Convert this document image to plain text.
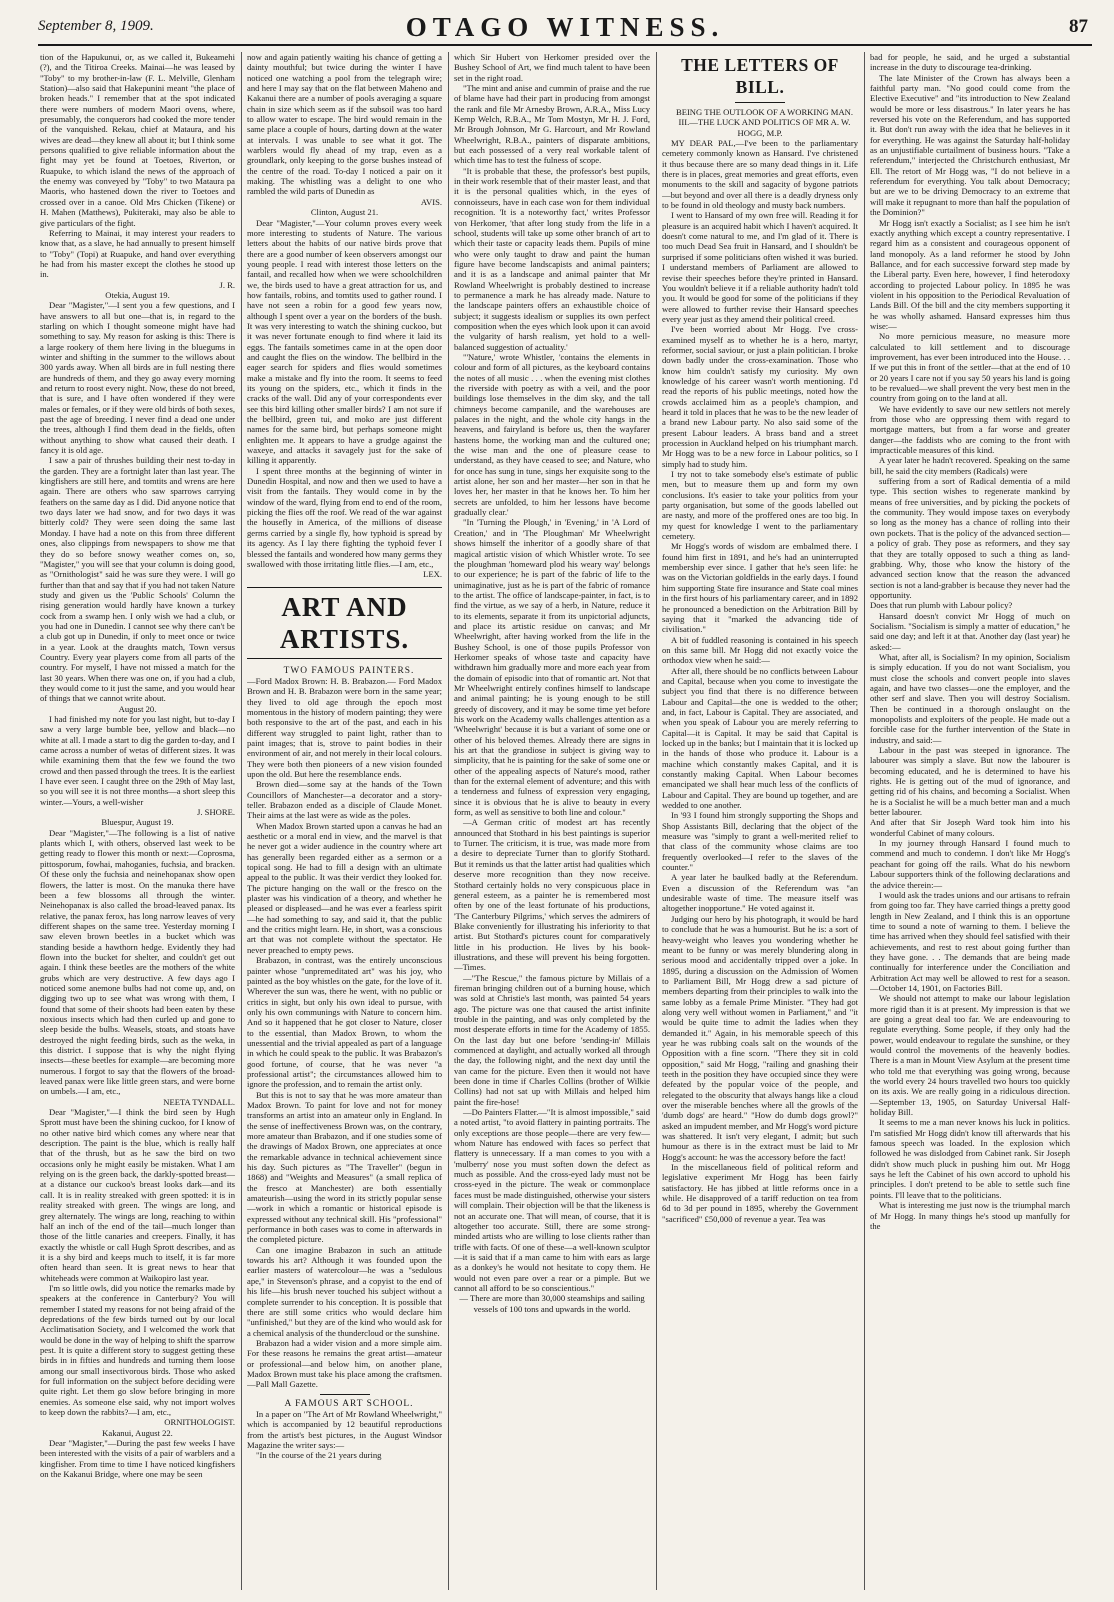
September 8, 1909.	OTAGO WITNESS.	87

tion of the Hapukunui, or, as we called it, Bukeamehi (?), and the Titiroa Creeks. Mainai—he was leased by "Toby" to my brother-in-law (F. L. Melville, Glenham Station)—also said that Hakepunini meant "the place of broken heads." I remember that at the spot indicated there were numbers of modern Maori ovens, where, presumably, the conquerors had cooked the more tender of the vanquished. Rekau, chief at Mataura, and his wives are dead—they knew all about it; but I think some persons qualified to give reliable information about the fight may yet be found at Toetoes, Riverton, or Ruapuke, to which island the news of the approach of the enemy was conveyed by "Toby" to two Mataura pa Maoris, who hastened down the river to Toetoes and crossed over in a canoe. Old Mrs Chicken (Tikene) or H. Mahen (Matthews), Pukiteraki, may also be able to give particulars of the fight.

Referring to Mainai, it may interest your readers to know that, as a slave, he had annually to present himself to "Toby" (Topi) at Ruapuke, and hand over everything he had from his master except the clothes he stood up in.

J. R.

Otekia, August 19.

Dear "Magister,"—I sent you a few questions, and I have answers to all but one—that is, in regard to the starling on which I thought someone might have had something to say. My reason for asking is this: There is a large rookery of them here living in the bluegums in winter and shifting in the summer to the willows about 300 yards away. When all birds are in full nesting there are hundreds of them, and they go away every morning and return to roost every night. Now, these do not breed, that is sure, and I have often wondered if they were males or females, or if they were old birds of both sexes, past the age of breeding. I never find a dead one under the trees, although I find them dead in the fields, often without anything to show what caused their death. I fancy it is old age.

I saw a pair of thrushes building their nest to-day in the garden. They are a fortnight later than last year. The kingfishers are still here, and tomtits and wrens are here again. There are others who saw sparrows carrying feathers on the same day as I did. Did anyone notice that two days later we had snow, and for two days it was bitterly cold? They were seen doing the same last Monday. I have had a note on this from three different ones, also clippings from newspapers to show me that they do so before snowy weather comes on, so, "Magister," you will see that your column is doing good, as "Ornithologist" said he was sure they were. I will go further than that and say that if you had not taken Nature study and given us the 'Public Schools' Column the rising generation would hardly have known a turkey cock from a swamp hen. I only wish we had a club, or you had one in Dunedin. I cannot see why there can't be a club got up in Dunedin, if only to meet once or twice in a year. Look at the draughts match, Town versus Country. Every year players come from all parts of the country. For myself, I have not missed a match for the last 30 years. When there was one on, if you had a club, they would come to it just the same, and you would hear of things that we cannot write about.

August 20.

I had finished my note for you last night, but to-day I saw a very large bumble bee, yellow and black—no white at all. I made a start to dig the garden to-day, and I came across a number of wetas of different sizes. It was while examining them that the few we found the two crowd and then passed through the trees. It is the earliest I have ever seen. I caught three on the 29th of May last, so you will see it is not three months—a short sleep this winter.—Yours, a well-wisher

J. SHORE.

Bluespur, August 19.

Dear "Magister,"—The following is a list of native plants which I, with others, observed last week to be getting ready to flower this month or next:—Coprosma, pittosporum, fowhai, mahoganies, fuchsia, and bracken. Of these only the fuchsia and neinehopanax show open flowers, the latter is most. On the manuka there have been a few blossoms all through the winter. Neinehopanax is also called the broad-leaved panax. Its relative, the panax ferox, has long narrow leaves of very different shapes on the same tree. Yesterday morning I saw eleven brown beetles in a bucket which was standing beside a hawthorn hedge. Evidently they had flown into the bucket for shelter, and couldn't get out again. I think these beetles are the mothers of the white grubs which are very destructive. A few days ago I noticed some anemone bulbs had not come up, and, on digging two up to see what was wrong with them, I found that some of their shoots had been eaten by these noxious insects which had then curled up and gone to sleep beside the bulbs. Weasels, stoats, and stoats have destroyed the night feeding birds, such as the weka, in this district. I suppose that is why the night flying insects—these beetles for example—are becoming more numerous. I forgot to say that the flowers of the broad-leaved panax were like little green stars, and were borne on umbels.—I am, etc.,

NEETA TYNDALL.

Dear "Magister,"—I think the bird seen by Hugh Sprott must have been the shining cuckoo, for I know of no other native bird which comes any where near that description. The paint is the blue, which is really half that of the thrush, but as he saw the bird on two occasions only he might easily be mistaken. What I am relying on is the green back, the darkly-spotted breast—at a distance our cuckoo's breast looks dark—and its call. It is in reality streaked with green spotted: it is in reality streaked with green. The wings are long, and grey alternately. The wings are long, reaching to within half an inch of the end of the tail—much longer than those of the little canaries and creepers. Finally, it has exactly the whistle or call Hugh Sprott describes, and as it is a shy bird and keeps much to itself, it is far more often heard than seen. It is great news to hear that whiteheads were common at Waikopiro last year.

I'm so little owls, did you notice the remarks made by speakers at the conference in Canterbury? You will remember I stated my reasons for not being afraid of the depredations of the few birds turned out by our local Acclimatisation Society, and I welcomed the work that would be done in the way of helping to shift the sparrow pest. It is quite a different story to suggest getting these birds in in fifties and hundreds and turning them loose among our small insectivorous birds. Those who asked for full information on the subject before deciding were quite right. Let them go slow before bringing in more enemies. As someone else said, why not import wolves to keep down the rabbits?—I am, etc.,

ORNITHOLOGIST.

Kakanui, August 22.

Dear "Magister,"—During the past few weeks I have been interested with the visits of a pair of warblers and a kingfisher. From time to time I have noticed kingfishers on the Kakanui Bridge, where one may be seen

now and again patiently waiting his chance of getting a dainty mouthful; but twice during the winter I have noticed one watching a pool from the telegraph wire; and here I may say that on the flat between Maheno and Kakanui there are a number of pools averaging a square chain in size which seem as if the subsoil was too hard to allow water to escape. The bird would remain in the same place a couple of hours, darting down at the water at intervals. I was unable to see what it got. The warblers would fly ahead of my trap, even as a groundlark, only keeping to the gorse bushes instead of the centre of the road. To-day I noticed a pair on it making. The whistling was a delight to one who rambled the wild parts of Dunedin as

AVIS.

Clinton, August 21.

Dear "Magister,"—Your column proves every week more interesting to students of Nature. The various letters about the habits of our native birds prove that there are a good number of keen observers amongst our young people. I read with interest those letters on the fantail, and recalled how when we were schoolchildren we, the birds used to have a great attraction for us, and how fantails, robins, and tomtits used to gather round. I have not seen a robin for a good few years now, although I spent over a year on the borders of the bush. It was very interesting to watch the shining cuckoo, but it was never fortunate enough to find where it laid its eggs. The fantails sometimes came in at the open door and caught the flies on the window. The bellbird in the eager search for spiders and flies would sometimes make a mistake and fly into the room. It seems to feed its young on the spiders, etc., which it finds in the cracks of the wall. Did any of your correspondents ever see this bird killing other smaller birds? I am not sure if the bellbird, green tui, and moko are just different names for the same bird, but perhaps someone might enlighten me. It appears to have a grudge against the waxeye, and attacks it savagely just for the sake of killing it apparently.

I spent three months at the beginning of winter in Dunedin Hospital, and now and then we used to have a visit from the fantails. They would come in by the window of the ward, flying from end to end of the room, picking the flies off the roof. We read of the war against the housefly in America, of the millions of disease germs carried by a single fly, how typhoid is spread by its agency. As I lay there fighting the typhoid fever I blessed the fantails and wondered how many germs they swallowed with those irritating little flies.—I am, etc.,

LEX.

ART AND ARTISTS.

TWO FAMOUS PAINTERS.

—Ford Madox Brown: H. B. Brabazon.— Ford Madox Brown and H. B. Brabazon were born in the same year; they lived to old age through the epoch most momentous in the history of modern painting; they were both responsive to the art of the past, and each in his different way struggled to paint light, rather than to paint images; that is, strove to paint bodies in their environment of air, and not merely in their local colours. They were both then pioneers of a new vision founded upon the old. But here the resemblance ends.

Brown died—some say at the hands of the Town Councillors of Manchester—a decorator and a story-teller. Brabazon ended as a disciple of Claude Monet. Their aims at the last were as wide as the poles.

When Madox Brown started upon a canvas he had an aesthetic or a moral end in view, and the marvel is that he never got a wider audience in the country where art has generally been regarded either as a sermon or a topical song. He had to fill a design with an ultimate appeal to the public. It was their verdict they looked for. The picture hanging on the wall or the fresco on the plaster was his vindication of a theory, and whether he pleased or displeased—and he was ever a fearless spirit—he had something to say, and said it, that the public and the critics might learn. He, in short, was a conscious art that was not complete without the spectator. He never preached to empty pews.

Brabazon, in contrast, was the entirely unconscious painter whose "unpremeditated art" was his joy, who painted as the boy whistles on the gate, for the love of it. Wherever the sun was, there he went, with no public or critics in sight, but only his own ideal to pursue, with only his own communings with Nature to concern him. And so it happened that he got closer to Nature, closer to the essential, than Madox Brown, to whom the unessential and the trivial appealed as part of a language in which he could speak to the public. It was Brabazon's good fortune, of course, that he was never "a professional artist"; the circumstances allowed him to ignore the profession, and to remain the artist only.

But this is not to say that he was more amateur than Madox Brown. To paint for love and not for money transforms an artist into an amateur only in England. In the sense of ineffectiveness Brown was, on the contrary, more amateur than Brabazon, and if one studies some of the drawings of Madox Brown, one appreciates at once the remarkable advance in technical achievement since his day. Such pictures as "The Traveller" (begun in 1868) and "Weights and Measures" (a small replica of the fresco at Manchester) are both essentially amateurish—using the word in its strictly popular sense—work in which a romantic or historical episode is expressed without any technical skill. His "professional" performance in both cases was to come in afterwards in the completed picture.

Can one imagine Brabazon in such an attitude towards his art? Although it was founded upon the earlier masters of watercolour—he was a "sedulous ape," in Stevenson's phrase, and a copyist to the end of his life—his brush never touched his subject without a complete surrender to his conception. It is possible that there are still some critics who would declare him "unfinished," but they are of the kind who would ask for a chemical analysis of the thundercloud or the sunshine.

Brabazon had a wider vision and a more simple aim. For these reasons he remains the great artist—amateur or professional—and below him, on another plane, Madox Brown must take his place among the craftsmen.—Pall Mall Gazette.

A FAMOUS ART SCHOOL.

In a paper on "The Art of Mr Rowland Wheelwright," which is accompanied by 12 beautiful reproductions from the artist's best pictures, in the August Windsor Magazine the writer says:—

"In the course of the 21 years during

which Sir Hubert von Herkomer presided over the Bushey School of Art, we find much talent to have been set in the right road.

"The mint and anise and cummin of praise and the rue of blame have had their part in producing from amongst the rank and file Mr Arnesby Brown, A.R.A., Miss Lucy Kemp Welch, R.B.A., Mr Tom Mostyn, Mr H. J. Ford, Mr Brough Johnson, Mr G. Harcourt, and Mr Rowland Wheelwright, R.B.A., painters of disparate ambitions, but each possessed of a very real workable talent of which time has to test the fulness of scope.

"It is probable that these, the professor's best pupils, in their work resemble that of their master least, and that it is the personal qualities which, in the eyes of connoisseurs, have in each case won for them individual recognition. 'It is a noteworthy fact,' writes Professor von Herkomer, 'that after long study from the life in a school, students will take up some other branch of art to which their taste or capacity leads them. Pupils of mine who were only taught to draw and paint the human figure have become landscapists and animal painters; and it is as a landscape and animal painter that Mr Rowland Wheelwright is probably destined to increase to permanence a mark he has already made. Nature to the landscape painters offers an exhaustible choice of subject; it suggests idealism or supplies its own perfect composition when the eyes which look upon it can avoid the vulgarity of harsh realism, yet hold to a well-balanced suggestion of actuality.'

"'Nature,' wrote Whistler, 'contains the elements in colour and form of all pictures, as the keyboard contains the notes of all music . . . when the evening mist clothes the riverside with poetry as with a veil, and the poor buildings lose themselves in the dim sky, and the tall chimneys become campanile, and the warehouses are palaces in the night, and the whole city hangs in the heavens, and fairyland is before us, then the wayfarer hastens home, the working man and the cultured one; the wise man and the one of pleasure cease to understand, as they have ceased to see; and Nature, who for once has sung in tune, sings her exquisite song to the artist alone, her son and her master—her son in that he loves her, her master in that he knows her. To him her secrets are unfolded, to him her lessons have become gradually clear.'

"In 'Turning the Plough,' in 'Evening,' in 'A Lord of Creation,' and in 'The Ploughman' Mr Wheelwright shows himself the inheritor of a goodly share of that magical artistic vision of which Whistler wrote. To see the ploughman 'homeward plod his weary way' belongs to our experience; he is part of the fabric of life to the unimaginative, just as he is part of the fabric of romance to the artist. The office of landscape-painter, in fact, is to find the virtue, as we say of a herb, in Nature, reduce it to its elements, separate it from its unpictorial adjuncts, and place its artistic residue on canvas; and Mr Wheelwright, after having worked from the life in the Bushey School, is one of those pupils Professor von Herkomer speaks of whose taste and capacity have withdrawn him gradually more and more each year from the domain of episodic into that of romantic art. Not that Mr Wheelwright entirely confines himself to landscape and animal painting; he is young enough to be still greedy of discovery, and it may be some time yet before his work on the Academy walls challenges attention as a 'Wheelwright' because it is but a variant of some one or other of his beloved themes. Already there are signs in his art that the grandiose in subject is giving way to simplicity, that he is painting for the sake of some one or other of the appealing aspects of Nature's mood, rather than for the external element of adventure; and this with a tenderness and fulness of expression very engaging, since it is obvious that he is alive to beauty in every form, as well as sensitive to both line and colour."

—A German critic of modest art has recently announced that Stothard in his best paintings is superior to Turner. The criticism, it is true, was made more from a desire to depreciate Turner than to glorify Stothard. But it reminds us that the latter artist had qualities which deserve more recognition than they now receive. Stothard certainly holds no very conspicuous place in general esteem, as a painter he is remembered most often by one of the least fortunate of his productions, 'The Canterbury Pilgrims,' which serves the admirers of Blake conveniently for illustrating his inferiority to that artist. But Stothard's pictures count for comparatively little in his production. He lives by his book-illustrations, and these will prevent his being forgotten.—Times.

—"The Rescue," the famous picture by Millais of a fireman bringing children out of a burning house, which was sold at Christie's last month, was painted 54 years ago. The picture was one that caused the artist infinite trouble in the painting, and was only completed by the most desperate efforts in time for the Academy of 1855. On the last day but one before 'sending-in' Millais commenced at daylight, and actually worked all through the day, the following night, and the next day until the van came for the picture. Even then it would not have been done in time if Charles Collins (brother of Wilkie Collins) had not sat up with Millais and helped him paint the fire-hose!

—Do Painters Flatter.—"It is almost impossible," said a noted artist, "to avoid flattery in painting portraits. The only exceptions are those people—there are very few—whom Nature has endowed with faces so perfect that flattery is unnecessary. If a man comes to you with a 'mulberry' nose you must soften down the defect as much as possible. And the cross-eyed lady must not be cross-eyed in the picture. The weak or commonplace faces must be made distinguished, otherwise your sisters will complain. Their objection will be that the likeness is not an accurate one. That will mean, of course, that it is altogether too accurate. Still, there are some strong-minded artists who are willing to lose clients rather than trifle with facts. Of one of these—a well-known sculptor—it is said that if a man came to him with ears as large as a donkey's he would not hesitate to copy them. He would not even pare over a rear or a pimple. But we cannot all afford to be so conscientious."

— There are more than 30,000 steamships and sailing vessels of 100 tons and upwards in the world.

THE LETTERS OF BILL.

BEING THE OUTLOOK OF A WORKING MAN.

III.—THE LUCK AND POLITICS OF MR A. W. HOGG, M.P.

MY DEAR PAL,—I've been to the parliamentary cemetery commonly known as Hansard. I've christened it thus because there are so many dead things in it. Life there is in places, great memories and great efforts, even monuments to the skill and sagacity of bygone patriots—but beyond and over all there is a deadly dryness only to be found in old theology and musty back numbers.

I went to Hansard of my own free will. Reading it for pleasure is an acquired habit which I haven't acquired. It doesn't come natural to me, and I'm glad of it. There is too much Dead Sea fruit in Hansard, and I shouldn't be surprised if some politicians often wished it was buried. I understand members of Parliament are allowed to revise their speeches before they're printed in Hansard. You wouldn't believe it if a reliable authority hadn't told you. It would be good for some of the politicians if they were allowed to further revise their Hansard speeches every year just as they amend their political creed.

I've been worried about Mr Hogg. I've cross-examined myself as to whether he is a hero, martyr, reformer, social saviour, or just a plain politician. I broke down badly under the cross-examination. Those who know him couldn't satisfy my curiosity. My own knowledge of his career wasn't worth mentioning. I'd read the reports of his public meetings, noted how the crowds acclaimed him as a people's champion, and heard it told in places that he was to be the new leader of a brand new Labour party. No also said some of the present Labour leaders. A brass band and a street procession in Auckland helped on his triumphant march. Mr Hogg was to be a new force in Labour politics, so I simply had to study him.

I try not to take somebody else's estimate of public men, but to measure them up and form my own conclusions. It's easier to take your politics from your party organisation, but some of the goods labelled out are nasty, and more of the proffered ones are too big. In my quest for knowledge I went to the parliamentary cemetery.

Mr Hogg's words of wisdom are embalmed there. I found him first in 1891, and he's had an uninterrupted membership ever since. I gather that he's seen life: he was on the Victorian goldfields in the early days. I found him supporting State fire insurance and State coal mines in the first hours of his parliamentary career, and in 1892 he pronounced a benediction on the Arbitration Bill by saying that it "marked the advancing tide of civilisation."

A bit of fuddled reasoning is contained in his speech on this same bill. Mr Hogg did not exactly voice the orthodox view when he said:—

After all, there should be no conflicts between Labour and Capital, because when you come to investigate the subject you find that there is no difference between Labour and Capital—the one is wedded to the other; and, in fact, Labour is Capital. They are associated, and when you speak of Labour you are merely referring to Capital—it is Capital. It may be said that Capital is locked up in the banks; but I maintain that it is locked up in the hands of those who produce it. Labour is a machine which constantly makes Capital, and it is constantly making Capital. When Labour becomes emancipated we shall hear much less of the conflicts of Labour and Capital. They are bound up together, and are wedded to one another.

In '93 I found him strongly supporting the Shops and Shop Assistants Bill, declaring that the object of the measure was "simply to grant a well-merited relief to that class of the community whose claims are too frequently overlooked—I refer to the slaves of the counter."

A year later he baulked badly at the Referendum. Even a discussion of the Referendum was "an undesirable waste of time. The measure itself was altogether inopportune." He voted against it.

Judging our hero by his photograph, it would be hard to conclude that he was a humourist. But he is: a sort of heavy-weight who leaves you wondering whether he meant to be funny or was merely blundering along in serious mood and accidentally tripped over a joke. In 1895, during a discussion on the Admission of Women to Parliament Bill, Mr Hogg drew a sad picture of members departing from their principles to walk into the same lobby as a female Prime Minister. "They had got along very well without women in Parliament," and "it would be quite time to admit the ladies when they demanded it." Again, in his memorable speech of this year he was rubbing coals salt on the wounds of the Opposition with a fine scorn. "There they sit in cold opposition," said Mr Hogg, "railing and gnashing their teeth in the position they have occupied since they were defeated by the popular voice of the people, and relegated to the obscurity that always hangs like a cloud over the miserable benches where all the growls of the 'dumb dogs' are heard." "How do dumb dogs growl?" asked an impudent member, and Mr Hogg's word picture was shattered. It isn't very elegant, I admit; but such humour as there is in the extract must be laid to Mr Hogg's account: he was the accessory before the fact!

In the miscellaneous field of political reform and legislative experiment Mr Hogg has been fairly satisfactory. He has jibbed at little reforms once in a while. He disapproved of a tariff reduction on tea from 6d to 3d per pound in 1895, whereby the Government "sacrificed" £50,000 of revenue a year. Tea was

bad for people, he said, and he urged a substantial increase in the duty to discourage tea-drinking.

The late Minister of the Crown has always been a faithful party man. "No good could come from the Elective Executive" and "its introduction to New Zealand would be more or less disastrous." In later years he has reversed his vote on the Referendum, and has supported it. But don't run away with the idea that he believes in it for everything. He was against the Saturday half-holiday as an unjustifiable curtailment of business hours. "Take a referendum," interjected the Christchurch enthusiast, Mr Ell. The retort of Mr Hogg was, "I do not believe in a referendum for everything. You talk about Democracy; but are we to be driving Democracy to an extreme that will make it repugnant to more than half the population of the Dominion?"

Mr Hogg isn't exactly a Socialist; as I see him he isn't exactly anything which except a country representative. I regard him as a consistent and courageous opponent of land monopoly. As a land reformer he stood by John Ballance, and for each successive forward step made by the Liberal party. Even here, however, I find heterodoxy according to projected Labour policy. In 1895 he was violent in his opposition to the Periodical Revaluation of Lands Bill. Of the bill and the city members supporting it he was wholly ashamed. Hansard expresses him thus wise:—

No more pernicious measure, no measure more calculated to kill settlement and to discourage improvement, has ever been introduced into the House. . . If we put this in front of the settler—that at the end of 10 or 20 years I care not if you say 50 years his land is going to be revalued—we shall prevent the very best men in the country from going on to the land at all.

We have evidently to save our new settlers not merely from those who are oppressing them with regard to mortgage matters, but from a far worse and greater danger—the faddists who are coming to the front with impracticable measures of this kind.

A year later he hadn't recovered. Speaking on the same bill, he said the city members (Radicals) were

suffering from a sort of Radical dementia of a mild type. This section wishes to regenerate mankind by means of free universities, and by picking the pockets of the community. They would impose taxes on everybody so long as the money has a chance of rolling into their own pockets. That is the policy of the advanced section—a policy of grab. They pose as reformers, and they say that they are totally opposed to such a thing as land-grabbing. Why, those who know the history of the advanced section know that the reason the advanced section is not a land-grabber is because they never had the opportunity.

Does that run plumb with Labour policy?

Hansard doesn't convict Mr Hogg of much on Socialism. "Socialism is simply a matter of education," he said one day; and left it at that. Another day (last year) he asked:—

What, after all, is Socialism? In my opinion, Socialism is simply education. If you do not want Socialism, you must close the schools and convert people into slaves again, and have two classes—one the employer, and the other serf and slave. Then you will destroy Socialism. Then be continued in a thorough onslaught on the monopolists and exploiters of the people. He made out a forcible case for the further intervention of the State in industry, and said:—

Labour in the past was steeped in ignorance. The labourer was simply a slave. But now the labourer is becoming educated, and he is determined to have his rights. He is getting out of the mud of ignorance, and getting rid of his chains, and becoming a Socialist. When he is a Socialist he will be a much better man and a much better labourer.

And after that Sir Joseph Ward took him into his wonderful Cabinet of many colours.

In my journey through Hansard I found much to commend and much to condemn. I don't like Mr Hogg's peachant for going off the rails. What do his newborn Labour supporters think of the following declarations and the advice therein:—

I would ask the trades unions and our artisans to refrain from going too far. They have carried things a pretty good length in New Zealand, and I think this is an opportune time to sound a note of warning to them. I believe the time has arrived when they should feel satisfied with their achievements, and rest to rest about going further than they have gone. . . The demands that are being made continually for interference under the Conciliation and Arbitration Act may well be allowed to rest for a season.—October 14, 1901, on Factories Bill.

We should not attempt to make our labour legislation more rigid than it is at present. My impression is that we are going a great deal too far. We are endeavouring to regulate everything. Some people, if they only had the power, would endeavour to regulate the sunshine, or they would control the movements of the heavenly bodies. There is a man in Mount View Asylum at the present time who told me that everything was going wrong, because the world every 24 hours travelled two hours too quickly on its axis. We are really going in a ridiculous direction.—September 13, 1905, on Saturday Universal Half-holiday Bill.

It seems to me a man never knows his luck in politics. I'm satisfied Mr Hogg didn't know till afterwards that his famous speech was loaded. In the explosion which followed he was dislodged from Cabinet rank. Sir Joseph didn't show much pluck in pushing him out. Mr Hogg says he left the Cabinet of his own accord to uphold his principles. I don't pretend to be able to settle such fine points. I'll leave that to the politicians.

What is interesting me just now is the triumphal march of Mr Hogg. In many things he's stood up manfully for the
